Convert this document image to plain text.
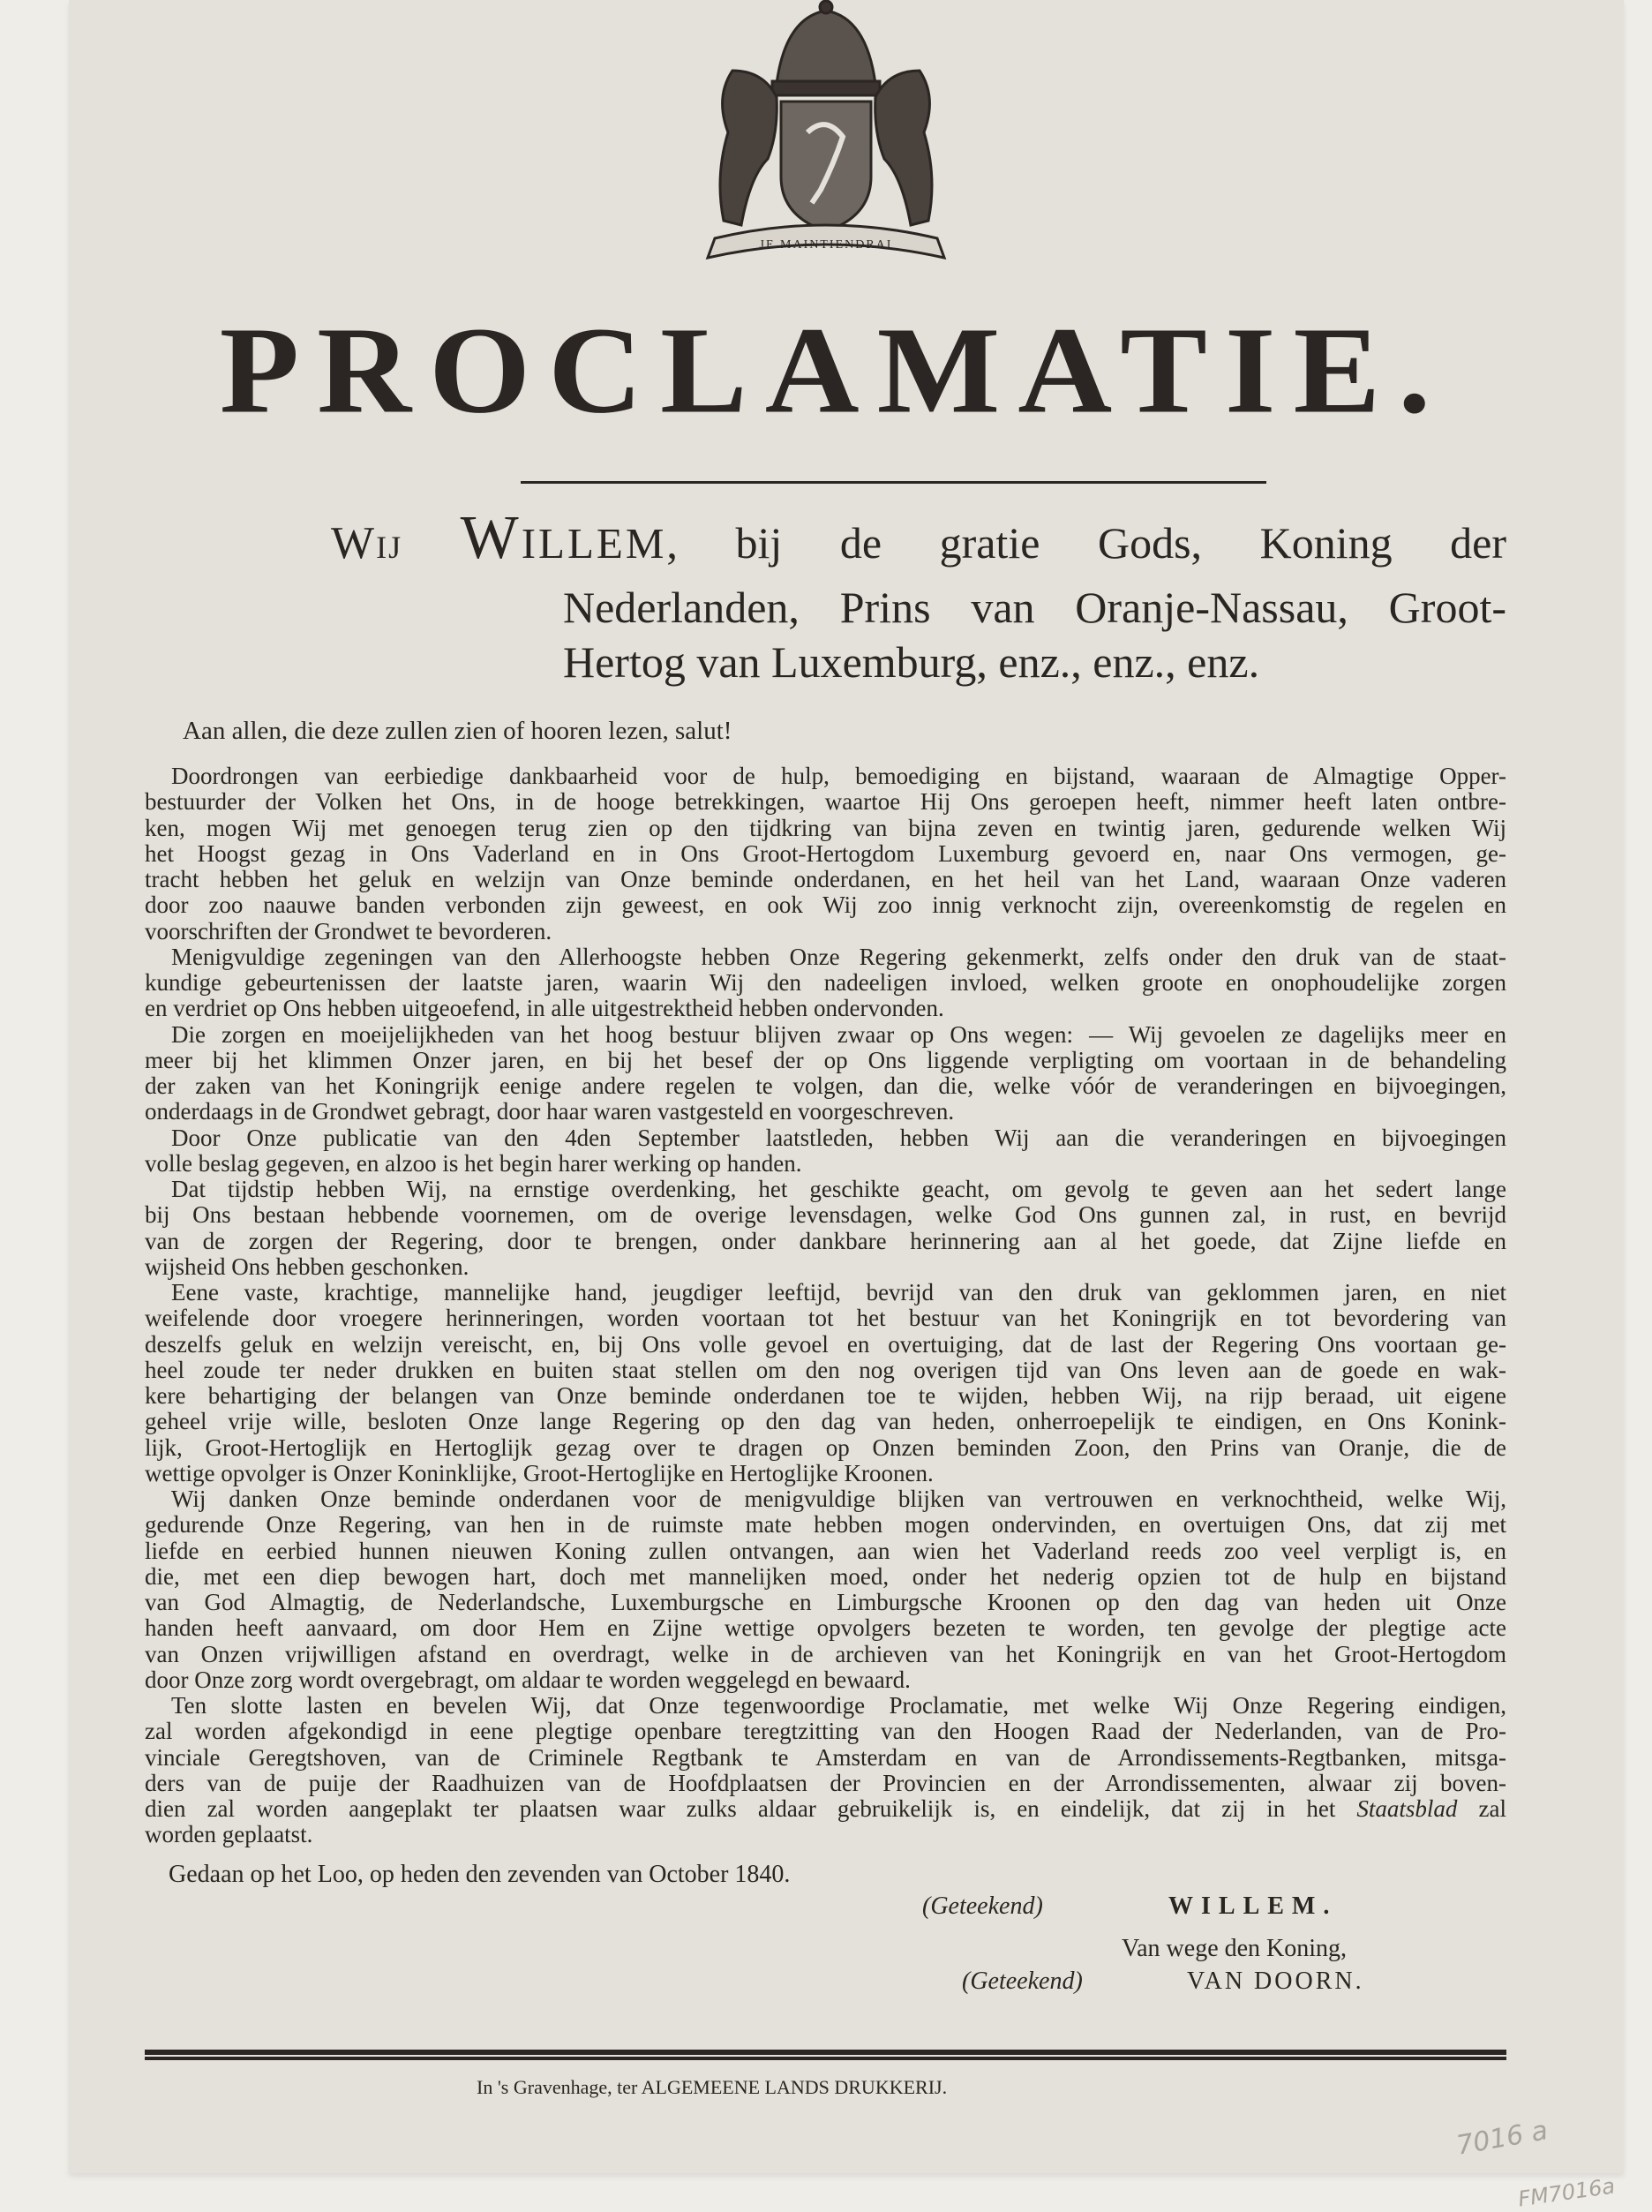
JE MAINTIENDRAI
PROCLAMATIE.
Wij Willem, bij de gratie Gods, Koning der
Nederlanden, Prins van Oranje-Nassau, Groot-
Hertog van Luxemburg, enz., enz., enz.
Aan allen, die deze zullen zien of hooren lezen, salut!
Doordrongen van eerbiedige dankbaarheid voor de hulp, bemoediging en bijstand, waaraan de Almagtige Opper-
bestuurder der Volken het Ons, in de hooge betrekkingen, waartoe Hij Ons geroepen heeft, nimmer heeft laten ontbre-
ken, mogen Wij met genoegen terug zien op den tijdkring van bijna zeven en twintig jaren, gedurende welken Wij
het Hoogst gezag in Ons Vaderland en in Ons Groot-Hertogdom Luxemburg gevoerd en, naar Ons vermogen, ge-
tracht hebben het geluk en welzijn van Onze beminde onderdanen, en het heil van het Land, waaraan Onze vaderen
door zoo naauwe banden verbonden zijn geweest, en ook Wij zoo innig verknocht zijn, overeenkomstig de regelen en
voorschriften der Grondwet te bevorderen.
Menigvuldige zegeningen van den Allerhoogste hebben Onze Regering gekenmerkt, zelfs onder den druk van de staat-
kundige gebeurtenissen der laatste jaren, waarin Wij den nadeeligen invloed, welken groote en onophoudelijke zorgen
en verdriet op Ons hebben uitgeoefend, in alle uitgestrektheid hebben ondervonden.
Die zorgen en moeijelijkheden van het hoog bestuur blijven zwaar op Ons wegen: — Wij gevoelen ze dagelijks meer en
meer bij het klimmen Onzer jaren, en bij het besef der op Ons liggende verpligting om voortaan in de behandeling
der zaken van het Koningrijk eenige andere regelen te volgen, dan die, welke vóór de veranderingen en bijvoegingen,
onderdaags in de Grondwet gebragt, door haar waren vastgesteld en voorgeschreven.
Door Onze publicatie van den 4den September laatstleden, hebben Wij aan die veranderingen en bijvoegingen
volle beslag gegeven, en alzoo is het begin harer werking op handen.
Dat tijdstip hebben Wij, na ernstige overdenking, het geschikte geacht, om gevolg te geven aan het sedert lange
bij Ons bestaan hebbende voornemen, om de overige levensdagen, welke God Ons gunnen zal, in rust, en bevrijd
van de zorgen der Regering, door te brengen, onder dankbare herinnering aan al het goede, dat Zijne liefde en
wijsheid Ons hebben geschonken.
Eene vaste, krachtige, mannelijke hand, jeugdiger leeftijd, bevrijd van den druk van geklommen jaren, en niet
weifelende door vroegere herinneringen, worden voortaan tot het bestuur van het Koningrijk en tot bevordering van
deszelfs geluk en welzijn vereischt, en, bij Ons volle gevoel en overtuiging, dat de last der Regering Ons voortaan ge-
heel zoude ter neder drukken en buiten staat stellen om den nog overigen tijd van Ons leven aan de goede en wak-
kere behartiging der belangen van Onze beminde onderdanen toe te wijden, hebben Wij, na rijp beraad, uit eigene
geheel vrije wille, besloten Onze lange Regering op den dag van heden, onherroepelijk te eindigen, en Ons Konink-
lijk, Groot-Hertoglijk en Hertoglijk gezag over te dragen op Onzen beminden Zoon, den Prins van Oranje, die de
wettige opvolger is Onzer Koninklijke, Groot-Hertoglijke en Hertoglijke Kroonen.
Wij danken Onze beminde onderdanen voor de menigvuldige blijken van vertrouwen en verknochtheid, welke Wij,
gedurende Onze Regering, van hen in de ruimste mate hebben mogen ondervinden, en overtuigen Ons, dat zij met
liefde en eerbied hunnen nieuwen Koning zullen ontvangen, aan wien het Vaderland reeds zoo veel verpligt is, en
die, met een diep bewogen hart, doch met mannelijken moed, onder het nederig opzien tot de hulp en bijstand
van God Almagtig, de Nederlandsche, Luxemburgsche en Limburgsche Kroonen op den dag van heden uit Onze
handen heeft aanvaard, om door Hem en Zijne wettige opvolgers bezeten te worden, ten gevolge der plegtige acte
van Onzen vrijwilligen afstand en overdragt, welke in de archieven van het Koningrijk en van het Groot-Hertogdom
door Onze zorg wordt overgebragt, om aldaar te worden weggelegd en bewaard.
Ten slotte lasten en bevelen Wij, dat Onze tegenwoordige Proclamatie, met welke Wij Onze Regering eindigen,
zal worden afgekondigd in eene plegtige openbare teregtzitting van den Hoogen Raad der Nederlanden, van de Pro-
vinciale Geregtshoven, van de Criminele Regtbank te Amsterdam en van de Arrondissements-Regtbanken, mitsga-
ders van de puije der Raadhuizen van de Hoofdplaatsen der Provincien en der Arrondissementen, alwaar zij boven-
dien zal worden aangeplakt ter plaatsen waar zulks aldaar gebruikelijk is, en eindelijk, dat zij in het Staatsblad zal
worden geplaatst.
Gedaan op het Loo, op heden den zevenden van October 1840.
(Geteekend)	WILLEM.
Van wege den Koning,
(Geteekend)	VAN DOORN.
In 's Gravenhage, ter ALGEMEENE LANDS DRUKKERIJ.
7016 a
FM7016a
